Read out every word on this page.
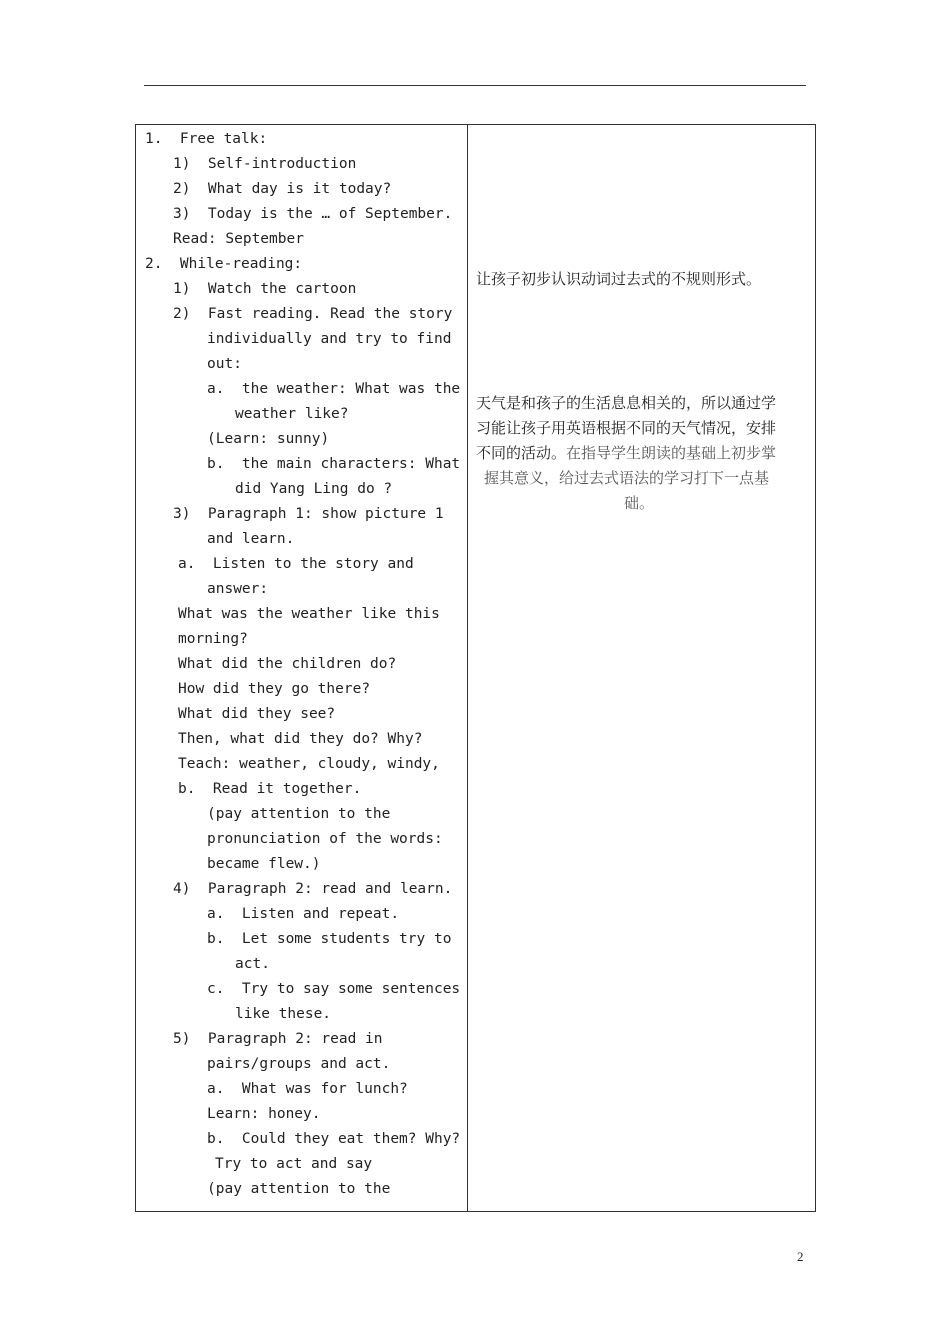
1.  Free talk:
1)  Self-introduction
2)  What day is it today?
3)  Today is the … of September.
Read: September
2.  While-reading:
1)  Watch the cartoon
2)  Fast reading. Read the story
individually and try to find
out:
a.  the weather: What was the
weather like?
(Learn: sunny)
b.  the main characters: What
did Yang Ling do ?
3)  Paragraph 1: show picture 1
and learn.
a.  Listen to the story and
answer:
What was the weather like this
morning?
What did the children do?
How did they go there?
What did they see?
Then, what did they do? Why?
Teach: weather, cloudy, windy,
b.  Read it together.
(pay attention to the
pronunciation of the words:
became flew.)
4)  Paragraph 2: read and learn.
a.  Listen and repeat.
b.  Let some students try to
act.
c.  Try to say some sentences
like these.
5)  Paragraph 2: read in
pairs/groups and act.
a.  What was for lunch?
Learn: honey.
b.  Could they eat them? Why?
Try to act and say
(pay attention to the
让孩子初步认识动词过去式的不规则形式。
天气是和孩子的生活息息相关的，所以通过学
习能让孩子用英语根据不同的天气情况，安排
不同的活动。在指导学生朗读的基础上初步掌
握其意义，给过去式语法的学习打下一点基
础。
2
